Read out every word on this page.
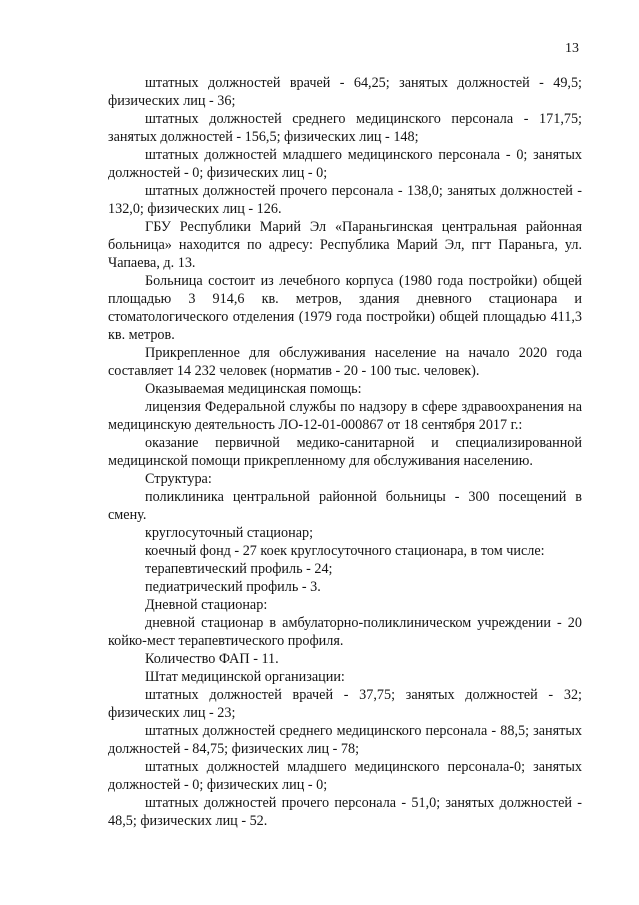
13

штатных должностей врачей - 64,25; занятых должностей - 49,5; физических лиц - 36;

штатных должностей среднего медицинского персонала - 171,75; занятых должностей - 156,5; физических лиц - 148;

штатных должностей младшего медицинского персонала - 0; занятых должностей - 0; физических лиц - 0;

штатных должностей прочего персонала - 138,0; занятых должностей - 132,0; физических лиц - 126.

ГБУ Республики Марий Эл «Параньгинская центральная районная больница» находится по адресу: Республика Марий Эл, пгт Параньга, ул. Чапаева, д. 13.

Больница состоит из лечебного корпуса (1980 года постройки) общей площадью 3 914,6 кв. метров, здания дневного стационара и стоматологического отделения (1979 года постройки) общей площадью 411,3 кв. метров.

Прикрепленное для обслуживания население на начало 2020 года составляет 14 232 человек (норматив - 20 - 100 тыс. человек).

Оказываемая медицинская помощь:

лицензия Федеральной службы по надзору в сфере здравоохранения на медицинскую деятельность ЛО-12-01-000867 от 18 сентября 2017 г.:

оказание первичной медико-санитарной и специализированной медицинской помощи прикрепленному для обслуживания населению.

Структура:

поликлиника центральной районной больницы - 300 посещений в смену.

круглосуточный стационар;

коечный фонд - 27 коек круглосуточного стационара, в том числе:

терапевтический профиль - 24;

педиатрический профиль - 3.

Дневной стационар:

дневной стационар в амбулаторно-поликлиническом учреждении - 20 койко-мест терапевтического профиля.

Количество ФАП - 11.

Штат медицинской организации:

штатных должностей врачей - 37,75; занятых должностей - 32; физических лиц - 23;

штатных должностей среднего медицинского персонала - 88,5; занятых должностей - 84,75; физических лиц - 78;

штатных должностей младшего медицинского персонала-0; занятых должностей - 0; физических лиц - 0;

штатных должностей прочего персонала - 51,0; занятых должностей - 48,5; физических лиц - 52.
